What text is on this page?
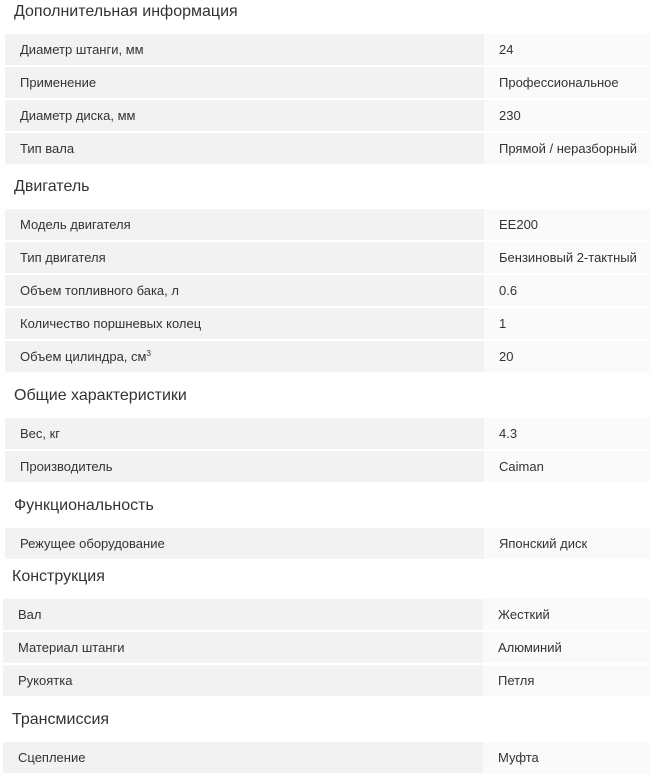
Дополнительная информация
Диаметр штанги, мм	24
Применение	Профессиональное
Диаметр диска, мм	230
Тип вала	Прямой / неразборный
Двигатель
Модель двигателя	EE200
Тип двигателя	Бензиновый 2-тактный
Объем топливного бака, л	0.6
Количество поршневых колец	1
Объем цилиндра, $см^3$	20
Общие характеристики
Вес, кг	4.3
Производитель	Caiman
Функциональность
Режущее оборудование	Японский диск
Конструкция
Вал	Жесткий
Материал штанги	Алюминий
Рукоятка	Петля
Трансмиссия
Сцепление	Муфта
